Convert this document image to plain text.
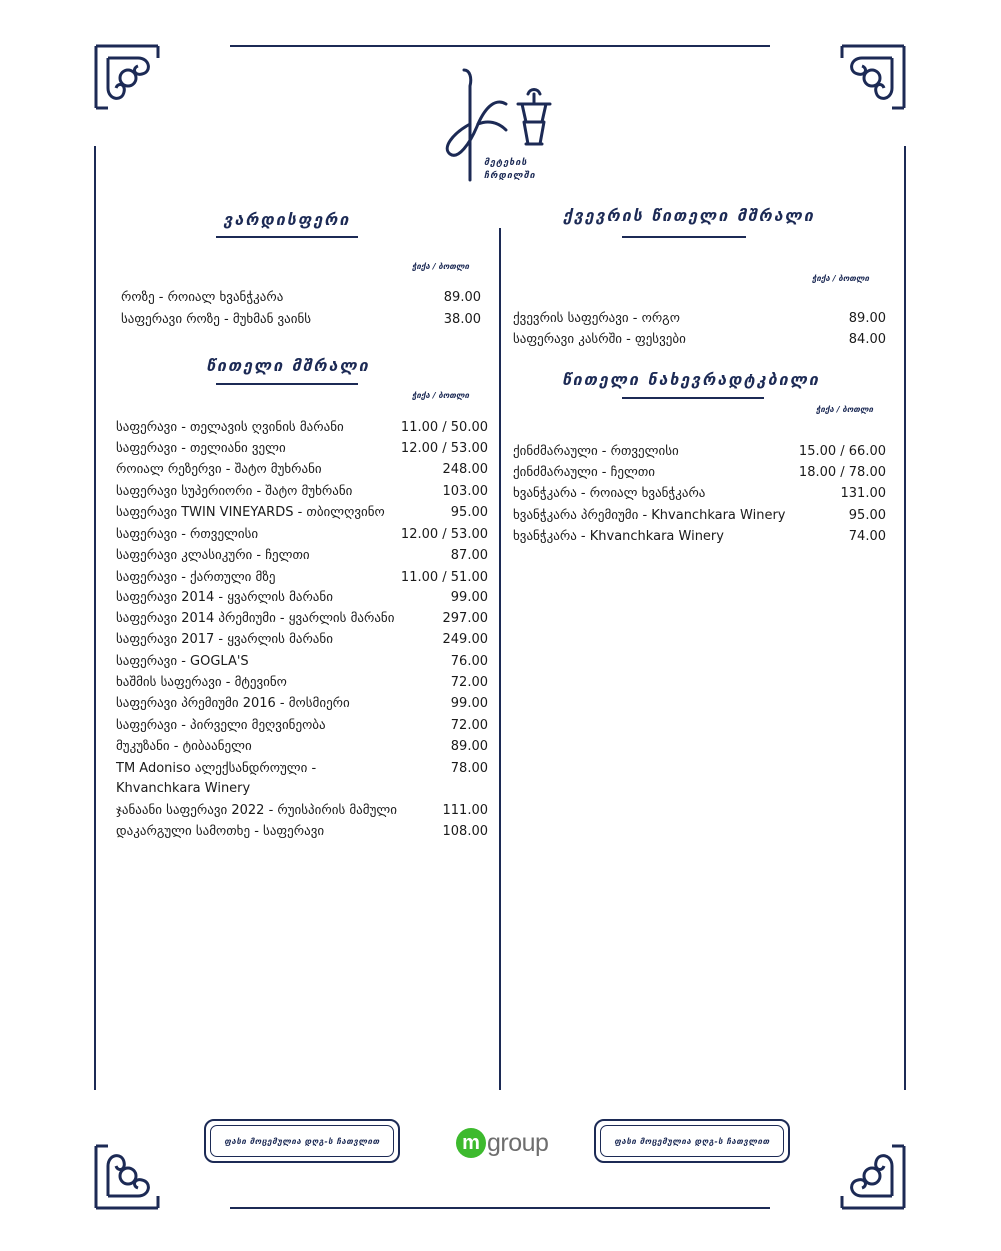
მეტეხის
ჩრდილში
ვარდისფერი
ჭიქა / ბოთლი
როზე - როიალ ხვანჭკარა	89.00
საფერავი როზე - მუხმან ვაინს	38.00
წითელი მშრალი
ჭიქა / ბოთლი
საფერავი - თელავის ღვინის მარანი	11.00 / 50.00
საფერავი - თელიანი ველი	12.00 / 53.00
როიალ რეზერვი - შატო მუხრანი	248.00
საფერავი სუპერიორი - შატო მუხრანი	103.00
საფერავი TWIN VINEYARDS - თბილღვინო	95.00
საფერავი - რთველისი	12.00 / 53.00
საფერავი კლასიკური - ჩელთი	87.00
საფერავი - ქართული მზე	11.00 / 51.00
საფერავი 2014 - ყვარლის მარანი	99.00
საფერავი 2014 პრემიუმი - ყვარლის მარანი	297.00
საფერავი 2017 - ყვარლის მარანი	249.00
საფერავი - GOGLA'S	76.00
ხაშმის საფერავი - მტევინო	72.00
საფერავი პრემიუმი 2016 - მოსმიერი	99.00
საფერავი - პირველი მეღვინეობა	72.00
მუკუზანი - ტიბაანელი	89.00
TM Adoniso ალექსანდროული -	78.00
Khvanchkara Winery
ჯანაანი საფერავი 2022 - რუისპირის მამული	111.00
დაკარგული სამოთხე - საფერავი	108.00
ქვევრის წითელი მშრალი
ჭიქა / ბოთლი
ქვევრის საფერავი - ორგო	89.00
საფერავი კასრში - ფესვები	84.00
წითელი ნახევრადტკბილი
ჭიქა / ბოთლი
ქინძმარაული - რთველისი	15.00 / 66.00
ქინძმარაული - ჩელთი	18.00 / 78.00
ხვანჭკარა - როიალ ხვანჭკარა	131.00
ხვანჭკარა პრემიუმი - Khvanchkara Winery	95.00
ხვანჭკარა - Khvanchkara Winery	74.00
ფასი მოცემულია დღგ-ს ჩათვლით	m group	ფასი მოცემულია დღგ-ს ჩათვლით
